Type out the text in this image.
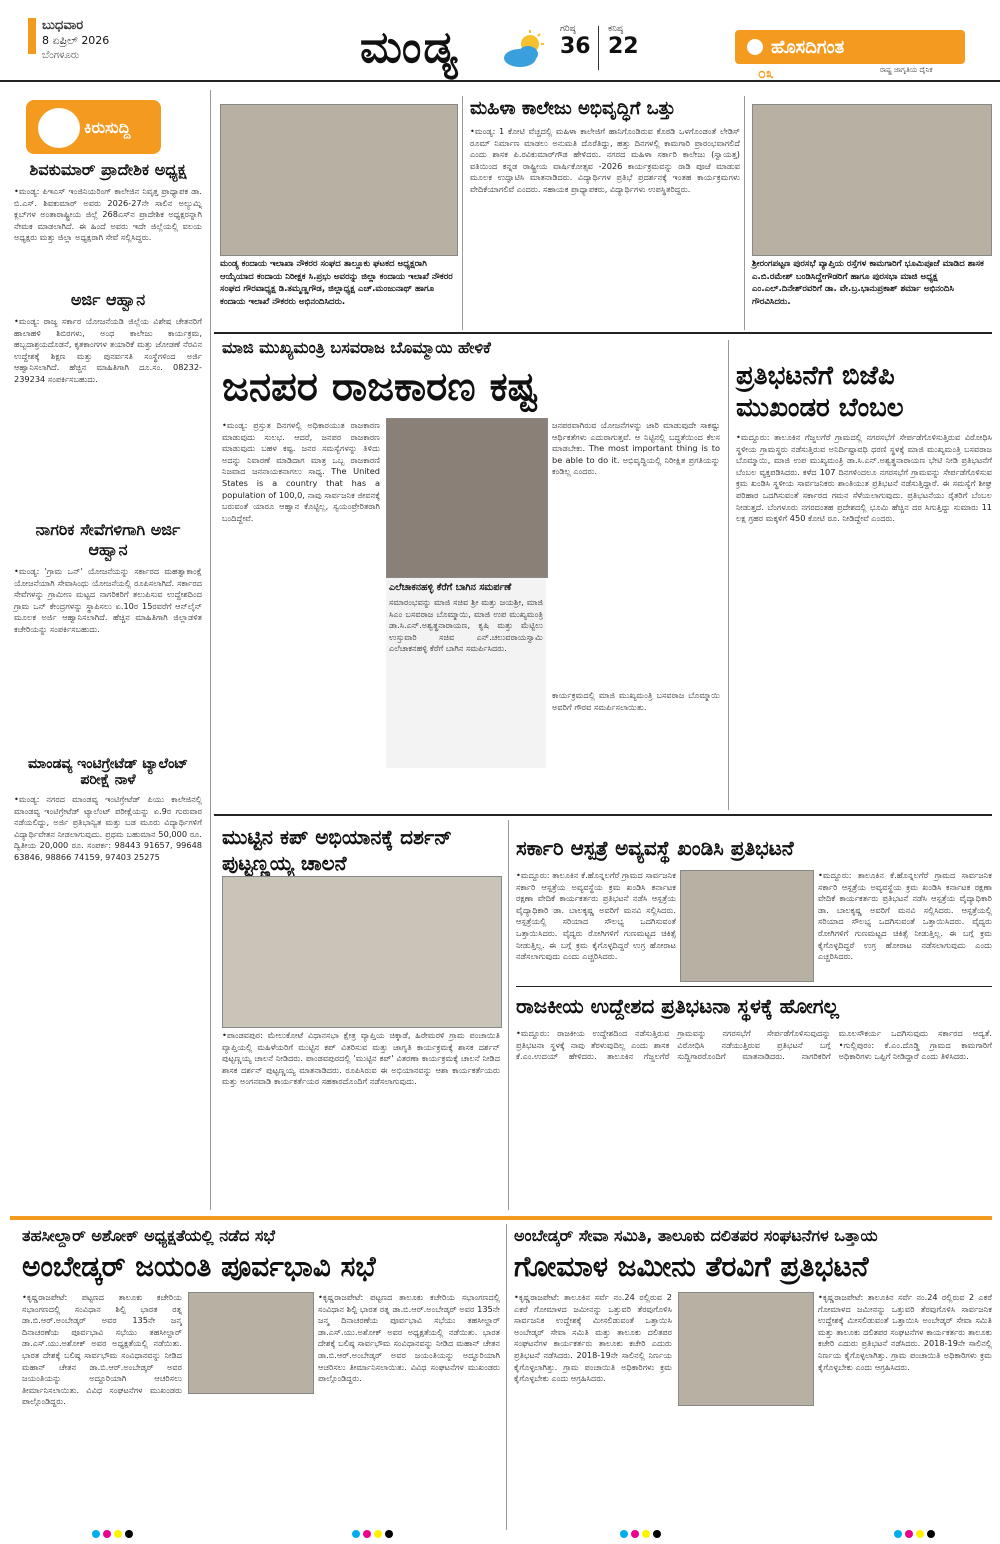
ಬುಧವಾರ
8 ಏಪ್ರಿಲ್ 2026
ಬೆಂಗಳೂರು	ಮಂಡ್ಯ	ಗರಿಷ್ಠ
36
ಕನಿಷ್ಠ
22	ಹೊಸದಿಗಂತ
೦೩	ರಾಷ್ಟ್ರ ಜಾಗೃತಿಯ ದೈನಿಕ
ಕಿರುಸುದ್ದಿ
ಶಿವಕುಮಾರ್ ಪ್ರಾದೇಶಿಕ ಅಧ್ಯಕ್ಷ
•ಮಂಡ್ಯ: ಪಿಇಎಸ್ ಇಂಜಿನಿಯರಿಂಗ್ ಕಾಲೇಜಿನ ನಿವೃತ್ತ ಪ್ರಾಧ್ಯಾಪಕ ಡಾ. ಬಿ.ಎಸ್. ಶಿವಕುಮಾರ್ ಅವರು 2026-27ನೇ ಸಾಲಿನ ಅಲ್ಯುಮ್ನಿ ಕ್ಲಬ್‌ಗಳ ಅಂತಾರಾಷ್ಟ್ರೀಯ ಜಿಲ್ಲೆ 268ಎಸ್‌ನ ಪ್ರಾದೇಶಿಕ ಅಧ್ಯಕ್ಷರನ್ನಾಗಿ ನೇಮಕ ಮಾಡಲಾಗಿದೆ. ಈ ಹಿಂದೆ ಅವರು ಇದೇ ಜಿಲ್ಲೆಯಲ್ಲಿ ವಲಯ ಅಧ್ಯಕ್ಷರು ಮತ್ತು ಜಿಲ್ಲಾ ಅಧ್ಯಕ್ಷರಾಗಿ ಸೇವೆ ಸಲ್ಲಿಸಿದ್ದರು.
ಅರ್ಜಿ ಆಹ್ವಾನ
•ಮಂಡ್ಯ: ರಾಜ್ಯ ಸರ್ಕಾರ ಯೋಜನೆಯಡಿ ಜಿಲ್ಲೆಯ ವಿಶೇಷ ಚೇತನರಿಗೆ ಹಾಲಾಹಳಿ ಶಿಬಿರಗಳು, ಅಂಧ ಕಾಲೇಜು ಕಾರ್ಯಕ್ರಮ, ಹಬ್ಬದಾಶ್ರಯದೊಡನೆ, ಕೃತಕಾಂಗಗಳ ತಯಾರಿಕೆ ಮತ್ತು ಜೋಡಣೆ ನೆರವಿನ ಉದ್ದೇಶಕ್ಕೆ ಶಿಕ್ಷಣ ಮತ್ತು ಪುನರ್ವಸತಿ ಸಂಸ್ಥೆಗಳಿಂದ ಅರ್ಜಿ ಆಹ್ವಾನಿಸಲಾಗಿದೆ. ಹೆಚ್ಚಿನ ಮಾಹಿತಿಗಾಗಿ ದೂ.ಸಂ. 08232-239234 ಸಂಪರ್ಕಿಸಬಹುದು.
ನಾಗರಿಕ ಸೇವೆಗಳಿಗಾಗಿ ಅರ್ಜಿ ಆಹ್ವಾನ
•ಮಂಡ್ಯ: 'ಗ್ರಾಮ ಒನ್' ಯೋಜನೆಯನ್ನು ಸರ್ಕಾರದ ಮಹತ್ವಾಕಾಂಕ್ಷೆ ಯೋಜನೆಯಾಗಿ ಸೇವಾಸಿಂಧು ಯೋಜನೆಯಲ್ಲಿ ರೂಪಿಸಲಾಗಿದೆ. ಸರ್ಕಾರದ ಸೇವೆಗಳನ್ನು ಗ್ರಾಮೀಣ ಮಟ್ಟದ ನಾಗರಿಕರಿಗೆ ತಲುಪಿಸುವ ಉದ್ದೇಶದಿಂದ ಗ್ರಾಮ ಒನ್ ಕೇಂದ್ರಗಳನ್ನು ಸ್ಥಾಪಿಸಲು ಏ.10ರ 15ರವರೆಗೆ ಆನ್‌ಲೈನ್ ಮೂಲಕ ಅರ್ಜಿ ಆಹ್ವಾನಿಸಲಾಗಿದೆ. ಹೆಚ್ಚಿನ ಮಾಹಿತಿಗಾಗಿ ಜಿಲ್ಲಾಡಳಿತ ಕಚೇರಿಯನ್ನು ಸಂಪರ್ಕಿಸಬಹುದು.
ಮಾಂಡವ್ಯ ಇಂಟಿಗ್ರೇಟೆಡ್ ಟ್ಯಾಲೆಂಟ್ ಪರೀಕ್ಷೆ ನಾಳೆ
•ಮಂಡ್ಯ: ನಗರದ ಮಾಂಡವ್ಯ ಇಂಟಿಗ್ರೇಟೆಡ್ ಪಿಯು ಕಾಲೇಜಿನಲ್ಲಿ ಮಾಂಡವ್ಯ ಇಂಟಿಗ್ರೇಟೆಡ್ ಟ್ಯಾಲೆಂಟ್ ಪರೀಕ್ಷೆಯನ್ನು ಏ.9ರ ಗುರುವಾರ ನಡೆಯಲಿದ್ದು, ಅರ್ಜಿ ಪ್ರತಿಭಾನ್ವಿತ ಮತ್ತು ಬಡ ಮೂರು ವಿದ್ಯಾರ್ಥಿಗಳಿಗೆ ವಿದ್ಯಾರ್ಥಿವೇತನ ನೀಡಲಾಗುವುದು. ಪ್ರಥಮ ಬಹುಮಾನ 50,000 ರೂ. ದ್ವಿತೀಯ 20,000 ರೂ. ಸಂಪರ್ಕ: 98443 91657, 99648 63846, 98866 74159, 97403 25275
ಮಂಡ್ಯ ಕಂದಾಯ ಇಲಾಖಾ ನೌಕರರ ಸಂಘದ ತಾಲ್ಲೂಕು ಘಟಕದ ಅಧ್ಯಕ್ಷರಾಗಿ ಆಯ್ಕೆಯಾದ ಕಂದಾಯ ನಿರೀಕ್ಷಕ ಸಿ.ಪ್ರಭು ಅವರನ್ನು ಜಿಲ್ಲಾ ಕಂದಾಯ ಇಲಾಖೆ ನೌಕರರ ಸಂಘದ ಗೌರವಾಧ್ಯಕ್ಷ ಡಿ.ತಮ್ಮಣ್ಣಗೌಡ, ಜಿಲ್ಲಾಧ್ಯಕ್ಷ ಎಚ್.ಮಂಜುನಾಥ್ ಹಾಗೂ ಕಂದಾಯ ಇಲಾಖೆ ನೌಕರರು ಅಭಿನಂದಿಸಿದರು.
ಮಹಿಳಾ ಕಾಲೇಜು ಅಭಿವೃದ್ಧಿಗೆ ಒತ್ತು
•ಮಂಡ್ಯ: 1 ಕೋಟಿ ವೆಚ್ಚದಲ್ಲಿ ಮಹಿಳಾ ಕಾಲೇಜಿಗೆ ಹಾನಿಗೊಂಡಿರುವ ಕೊಠಡಿ ಒಳಗೊಂಡಂತೆ ಲೇಡಿಸ್ ರೂಮ್ ನಿರ್ಮಾಣ ಮಾಡಲು ಅನುಮತಿ ದೊರೆತಿದ್ದು, ಹತ್ತು ದಿನಗಳಲ್ಲಿ ಕಾಮಗಾರಿ ಪ್ರಾರಂಭವಾಗಲಿದೆ ಎಂದು ಶಾಸಕ ಪಿ.ರವಿಕುಮಾರ್‌ಗೌಡ ಹೇಳಿದರು. ನಗರದ ಮಹಿಳಾ ಸರ್ಕಾರಿ ಕಾಲೇಜು (ಸ್ವಾಯತ್ತ) ವತಿಯಿಂದ ಕನ್ನಡ ರಾಷ್ಟ್ರೀಯ ವಾರ್ಷಿಕೋತ್ಸವ -2026 ಕಾರ್ಯಕ್ರಮವನ್ನು ರಾಡಿ ಪೂಜೆ ಮಾಡುವ ಮೂಲಕ ಉದ್ಘಾಟಿಸಿ ಮಾತನಾಡಿದರು. ವಿದ್ಯಾರ್ಥಿಗಳ ಪ್ರತಿಭೆ ಪ್ರದರ್ಶನಕ್ಕೆ ಇಂತಹ ಕಾರ್ಯಕ್ರಮಗಳು ವೇದಿಕೆಯಾಗಲಿವೆ ಎಂದರು. ಸಹಾಯಕ ಪ್ರಾಧ್ಯಾಪಕರು, ವಿದ್ಯಾರ್ಥಿಗಳು ಉಪಸ್ಥಿತರಿದ್ದರು.
ಶ್ರೀರಂಗಪಟ್ಟಣ ಪುರಸಭೆ ವ್ಯಾಪ್ತಿಯ ರಸ್ತೆಗಳ ಕಾಮಗಾರಿಗೆ ಭೂಮಿಪೂಜೆ ಮಾಡಿದ ಶಾಸಕ ಎ.ಬಿ.ರಮೇಶ್ ಬಂಡಿಸಿದ್ದೇಗೌಡರಿಗೆ ಹಾಗೂ ಪುರಸಭಾ ಮಾಜಿ ಅಧ್ಯಕ್ಷ ಎಂ.ಎಲ್.ದಿನೇಶ್‌ರವರಿಗೆ ಡಾ. ವೇ.ಬ್ರ.ಭಾನುಪ್ರಕಾಶ್ ಶರ್ಮಾ ಅಭಿನಂದಿಸಿ ಗೌರವಿಸಿದರು.
ಮಾಜಿ ಮುಖ್ಯಮಂತ್ರಿ ಬಸವರಾಜ ಬೊಮ್ಮಾಯಿ ಹೇಳಿಕೆ
ಜನಪರ ರಾಜಕಾರಣ ಕಷ್ಟ
•ಮಂಡ್ಯ: ಪ್ರಸ್ತುತ ದಿನಗಳಲ್ಲಿ ಅಧಿಕಾರಯುತ ರಾಜಕಾರಣ ಮಾಡುವುದು ಸುಲಭ. ಆದರೆ, ಜನಪರ ರಾಜಕಾರಣ ಮಾಡುವುದು ಬಹಳ ಕಷ್ಟ. ಜನರ ಸಮಸ್ಯೆಗಳನ್ನು ತಿಳಿದು ಅದನ್ನು ನಿವಾರಣೆ ಮಾಡಿದಾಗ ಮಾತ್ರ ಒಬ್ಬ ರಾಜಕಾರಣಿ ನಿಜವಾದ ಜನನಾಯಕನಾಗಲು ಸಾಧ್ಯ. The United States is a country that has a population of 100,0, ನಾವು ಸಾರ್ವಜನಿಕ ಜೀವನಕ್ಕೆ ಬರುವಂತೆ ಯಾರೂ ಆಹ್ವಾನ ಕೊಟ್ಟಿಲ್ಲ, ಸ್ವಯಂಪ್ರೇರಿತರಾಗಿ ಬಂದಿದ್ದೇವೆ.
ಎಲೆಚಾಕನಹಳ್ಳಿ ಕೆರೆಗೆ ಬಾಗಿನ ಸಮರ್ಪಣೆ
ಸಮಾರಂಭವನ್ನು ಮಾಜಿ ಸಚಿವ ಶ್ರೀ ಮತ್ತು ಜಯಶ್ರೀ, ಮಾಜಿ ಸಿಎಂ ಬಸವರಾಜ ಬೊಮ್ಮಾಯಿ, ಮಾಜಿ ಉಪ ಮುಖ್ಯಮಂತ್ರಿ ಡಾ.ಸಿ.ಎನ್.ಅಶ್ವತ್ಥನಾರಾಯಣ, ಕೃಷಿ ಮತ್ತು ಮೆಟ್ಟಿಲು ಉಸ್ತುವಾರಿ ಸಚಿವ ಎನ್.ಚಲುವರಾಯಸ್ವಾಮಿ ಎಲೆಚಾಕನಹಳ್ಳಿ ಕೆರೆಗೆ ಬಾಗಿನ ಸಮರ್ಪಿಸಿದರು.
ಜನಪರವಾಗಿರುವ ಯೋಜನೆಗಳನ್ನು ಜಾರಿ ಮಾಡುವುದೇ ಸಾಕಷ್ಟು ಆರ್ಥಿಕತೆಗಳು ಎದುರಾಗುತ್ತವೆ. ಆ ನಿಟ್ಟಿನಲ್ಲಿ ಬದ್ಧತೆಯಿಂದ ಕೆಲಸ ಮಾಡಬೇಕು. The most important thing is to be able to do it. ಅಭಿವೃದ್ಧಿಯಲ್ಲಿ ನಿರೀಕ್ಷಿತ ಪ್ರಗತಿಯನ್ನು ಕಂಡಿಲ್ಲ ಎಂದರು.
ಕಾರ್ಯಕ್ರಮದಲ್ಲಿ ಮಾಜಿ ಮುಖ್ಯಮಂತ್ರಿ ಬಸವರಾಜ ಬೊಮ್ಮಾಯಿ ಅವರಿಗೆ ಗೌರವ ಸಮರ್ಪಿಸಲಾಯಿತು.
ಪ್ರತಿಭಟನೆಗೆ ಬಿಜೆಪಿ ಮುಖಂಡರ ಬೆಂಬಲ
•ಮದ್ದೂರು: ತಾಲೂಕಿನ ಗೆಜ್ಜಲಗೆರೆ ಗ್ರಾಮದಲ್ಲಿ ನಗರಸಭೆಗೆ ಸೇರ್ಪಡೆಗೊಳಿಸುತ್ತಿರುವ ವಿರೋಧಿಸಿ ಸ್ಥಳೀಯ ಗ್ರಾಮಸ್ಥರು ನಡೆಸುತ್ತಿರುವ ಅನಿರ್ದಿಷ್ಟಾವಧಿ ಧರಣಿ ಸ್ಥಳಕ್ಕೆ ಮಾಜಿ ಮುಖ್ಯಮಂತ್ರಿ ಬಸವರಾಜ ಬೊಮ್ಮಾಯಿ, ಮಾಜಿ ಉಪ ಮುಖ್ಯಮಂತ್ರಿ ಡಾ.ಸಿ.ಎನ್.ಅಶ್ವತ್ಥನಾರಾಯಣ ಭೇಟಿ ನೀಡಿ ಪ್ರತಿಭಟನೆಗೆ ಬೆಂಬಲ ವ್ಯಕ್ತಪಡಿಸಿದರು. ಕಳೆದ 107 ದಿನಗಳಿಂದಲೂ ನಗರಸಭೆಗೆ ಗ್ರಾಮವನ್ನು ಸೇರ್ಪಡೆಗೊಳಿಸುವ ಕ್ರಮ ಖಂಡಿಸಿ ಸ್ಥಳೀಯ ಸಾರ್ವಜನಿಕರು ಶಾಂತಿಯುತ ಪ್ರತಿಭಟನೆ ನಡೆಸುತ್ತಿದ್ದಾರೆ. ಈ ಸಮಸ್ಯೆಗೆ ಶೀಘ್ರ ಪರಿಹಾರ ಒದಗಿಸುವಂತೆ ಸರ್ಕಾರದ ಗಮನ ಸೆಳೆಯಲಾಗುವುದು. ಪ್ರತಿಭಟನೆಯು ರೈತರಿಗೆ ಬೆಂಬಲ ನೀಡುತ್ತದೆ. ಬೆಂಗಳೂರು ನಗರದಂತಹ ಪ್ರದೇಶದಲ್ಲಿ ಭೂಮಿ ಹೆಚ್ಚಿನ ದರ ಸಿಗುತ್ತಿದ್ದು ಸುಮಾರು 11 ಲಕ್ಷ ಗ್ರಹರ ಮಕ್ಕಳಿಗೆ 450 ಕೋಟಿ ರೂ. ನೀಡಿದ್ದೇವೆ ಎಂದರು.
ಮುಟ್ಟಿನ ಕಪ್ ಅಭಿಯಾನಕ್ಕೆ ದರ್ಶನ್ ಪುಟ್ಟಣ್ಣಯ್ಯ ಚಾಲನೆ
•ಪಾಂಡವಪುರ: ಮೇಲುಕೋಟೆ ವಿಧಾನಸಭಾ ಕ್ಷೇತ್ರ ವ್ಯಾಪ್ತಿಯ ಚಿಕ್ಕಾಡೆ, ಹಿರೇಮರಳಿ ಗ್ರಾಮ ಪಂಚಾಯಿತಿ ವ್ಯಾಪ್ತಿಯಲ್ಲಿ ಮಹಿಳೆಯರಿಗೆ ಮುಟ್ಟಿನ ಕಪ್ ವಿತರಿಸುವ ಮತ್ತು ಜಾಗೃತಿ ಕಾರ್ಯಕ್ರಮಕ್ಕೆ ಶಾಸಕ ದರ್ಶನ್ ಪುಟ್ಟಣ್ಣಯ್ಯ ಚಾಲನೆ ನೀಡಿದರು. ಪಾಂಡವಪುರದಲ್ಲಿ 'ಮುಟ್ಟಿನ ಕಪ್' ವಿತರಣಾ ಕಾರ್ಯಕ್ರಮಕ್ಕೆ ಚಾಲನೆ ನೀಡಿದ ಶಾಸಕ ದರ್ಶನ್ ಪುಟ್ಟಣ್ಣಯ್ಯ ಮಾತನಾಡಿದರು. ರೂಪಿಸಿರುವ ಈ ಅಭಿಯಾನವನ್ನು ಆಶಾ ಕಾರ್ಯಕರ್ತೆಯರು ಮತ್ತು ಅಂಗನವಾಡಿ ಕಾರ್ಯಕರ್ತೆಯರ ಸಹಕಾರದೊಂದಿಗೆ ನಡೆಸಲಾಗುವುದು.
ಸರ್ಕಾರಿ ಆಸ್ಪತ್ರೆ ಅವ್ಯವಸ್ಥೆ ಖಂಡಿಸಿ ಪ್ರತಿಭಟನೆ
•ಮದ್ದೂರು: ತಾಲೂಕಿನ ಕೆ.ಹೊನ್ನಲಗೆರೆ ಗ್ರಾಮದ ಸಾರ್ವಜನಿಕ ಸರ್ಕಾರಿ ಆಸ್ಪತ್ರೆಯ ಅವ್ಯವಸ್ಥೆಯ ಕ್ರಮ ಖಂಡಿಸಿ ಕರ್ನಾಟಕ ರಕ್ಷಣಾ ವೇದಿಕೆ ಕಾರ್ಯಕರ್ತರು ಪ್ರತಿಭಟನೆ ನಡೆಸಿ ಆಸ್ಪತ್ರೆಯ ವೈದ್ಯಾಧಿಕಾರಿ ಡಾ. ಬಾಲಕೃಷ್ಣ ಅವರಿಗೆ ಮನವಿ ಸಲ್ಲಿಸಿದರು. ಆಸ್ಪತ್ರೆಯಲ್ಲಿ ಸರಿಯಾದ ಸೌಲಭ್ಯ ಒದಗಿಸುವಂತೆ ಒತ್ತಾಯಿಸಿದರು. ವೈದ್ಯರು ರೋಗಿಗಳಿಗೆ ಗುಣಮಟ್ಟದ ಚಿಕಿತ್ಸೆ ನೀಡುತ್ತಿಲ್ಲ. ಈ ಬಗ್ಗೆ ಕ್ರಮ ಕೈಗೊಳ್ಳದಿದ್ದರೆ ಉಗ್ರ ಹೋರಾಟ ನಡೆಸಲಾಗುವುದು ಎಂದು ಎಚ್ಚರಿಸಿದರು.
•ಮದ್ದೂರು: ತಾಲೂಕಿನ ಕೆ.ಹೊನ್ನಲಗೆರೆ ಗ್ರಾಮದ ಸಾರ್ವಜನಿಕ ಸರ್ಕಾರಿ ಆಸ್ಪತ್ರೆಯ ಅವ್ಯವಸ್ಥೆಯ ಕ್ರಮ ಖಂಡಿಸಿ ಕರ್ನಾಟಕ ರಕ್ಷಣಾ ವೇದಿಕೆ ಕಾರ್ಯಕರ್ತರು ಪ್ರತಿಭಟನೆ ನಡೆಸಿ ಆಸ್ಪತ್ರೆಯ ವೈದ್ಯಾಧಿಕಾರಿ ಡಾ. ಬಾಲಕೃಷ್ಣ ಅವರಿಗೆ ಮನವಿ ಸಲ್ಲಿಸಿದರು. ಆಸ್ಪತ್ರೆಯಲ್ಲಿ ಸರಿಯಾದ ಸೌಲಭ್ಯ ಒದಗಿಸುವಂತೆ ಒತ್ತಾಯಿಸಿದರು. ವೈದ್ಯರು ರೋಗಿಗಳಿಗೆ ಗುಣಮಟ್ಟದ ಚಿಕಿತ್ಸೆ ನೀಡುತ್ತಿಲ್ಲ. ಈ ಬಗ್ಗೆ ಕ್ರಮ ಕೈಗೊಳ್ಳದಿದ್ದರೆ ಉಗ್ರ ಹೋರಾಟ ನಡೆಸಲಾಗುವುದು ಎಂದು ಎಚ್ಚರಿಸಿದರು.
ರಾಜಕೀಯ ಉದ್ದೇಶದ ಪ್ರತಿಭಟನಾ ಸ್ಥಳಕ್ಕೆ ಹೋಗಲ್ಲ
•ಮದ್ದೂರು: ರಾಜಕೀಯ ಉದ್ದೇಶದಿಂದ ನಡೆಸುತ್ತಿರುವ ಪ್ರತಿಭಟನಾ ಸ್ಥಳಕ್ಕೆ ನಾವು ತೆರಳುವುದಿಲ್ಲ ಎಂದು ಶಾಸಕ ಕೆ.ಎಂ.ಉದಯ್ ಹೇಳಿದರು. ತಾಲೂಕಿನ ಗೆಜ್ಜಲಗೆರೆ ಗ್ರಾಮವನ್ನು ನಗರಸಭೆಗೆ ಸೇರ್ಪಡೆಗೊಳಿಸುವುದನ್ನು ವಿರೋಧಿಸಿ ನಡೆಯುತ್ತಿರುವ ಪ್ರತಿಭಟನೆ ಬಗ್ಗೆ ಸುದ್ದಿಗಾರರೊಂದಿಗೆ ಮಾತನಾಡಿದರು. ನಾಗರಿಕರಿಗೆ ಮೂಲಸೌಕರ್ಯ ಒದಗಿಸುವುದು ಸರ್ಕಾರದ ಆದ್ಯತೆ. •ಗುಲ್ಲಿಪುರಂ: ಕೆ.ಎಂ.ದೊಡ್ಡಿ ಗ್ರಾಮದ ಕಾಮಗಾರಿಗೆ ಅಧಿಕಾರಿಗಳು ಒಪ್ಪಿಗೆ ನೀಡಿದ್ದಾರೆ ಎಂದು ತಿಳಿಸಿದರು.
ತಹಸೀಲ್ದಾರ್ ಅಶೋಕ್ ಅಧ್ಯಕ್ಷತೆಯಲ್ಲಿ ನಡೆದ ಸಭೆ
ಅಂಬೇಡ್ಕರ್ ಜಯಂತಿ ಪೂರ್ವಭಾವಿ ಸಭೆ
•ಕೃಷ್ಣರಾಜಪೇಟೆ: ಪಟ್ಟಣದ ತಾಲೂಕು ಕಚೇರಿಯ ಸಭಾಂಗಣದಲ್ಲಿ ಸಂವಿಧಾನ ಶಿಲ್ಪಿ ಭಾರತ ರತ್ನ ಡಾ.ಬಿ.ಆರ್.ಅಂಬೇಡ್ಕರ್ ಅವರ 135ನೇ ಜನ್ಮ ದಿನಾಚರಣೆಯ ಪೂರ್ವಭಾವಿ ಸಭೆಯು ತಹಸೀಲ್ದಾರ್ ಡಾ.ಎಸ್.ಯು.ಅಶೋಕ್ ಅವರ ಅಧ್ಯಕ್ಷತೆಯಲ್ಲಿ ನಡೆಯಿತು. ಭಾರತ ದೇಶಕ್ಕೆ ಬಲಿಷ್ಠ ಸಾರ್ವಭೌಮ ಸಂವಿಧಾನವನ್ನು ನೀಡಿದ ಮಹಾನ್ ಚೇತನ ಡಾ.ಬಿ.ಆರ್.ಅಂಬೇಡ್ಕರ್ ಅವರ ಜಯಂತಿಯನ್ನು ಅದ್ದೂರಿಯಾಗಿ ಆಚರಿಸಲು ತೀರ್ಮಾನಿಸಲಾಯಿತು. ವಿವಿಧ ಸಂಘಟನೆಗಳ ಮುಖಂಡರು ಪಾಲ್ಗೊಂಡಿದ್ದರು.
•ಕೃಷ್ಣರಾಜಪೇಟೆ: ಪಟ್ಟಣದ ತಾಲೂಕು ಕಚೇರಿಯ ಸಭಾಂಗಣದಲ್ಲಿ ಸಂವಿಧಾನ ಶಿಲ್ಪಿ ಭಾರತ ರತ್ನ ಡಾ.ಬಿ.ಆರ್.ಅಂಬೇಡ್ಕರ್ ಅವರ 135ನೇ ಜನ್ಮ ದಿನಾಚರಣೆಯ ಪೂರ್ವಭಾವಿ ಸಭೆಯು ತಹಸೀಲ್ದಾರ್ ಡಾ.ಎಸ್.ಯು.ಅಶೋಕ್ ಅವರ ಅಧ್ಯಕ್ಷತೆಯಲ್ಲಿ ನಡೆಯಿತು. ಭಾರತ ದೇಶಕ್ಕೆ ಬಲಿಷ್ಠ ಸಾರ್ವಭೌಮ ಸಂವಿಧಾನವನ್ನು ನೀಡಿದ ಮಹಾನ್ ಚೇತನ ಡಾ.ಬಿ.ಆರ್.ಅಂಬೇಡ್ಕರ್ ಅವರ ಜಯಂತಿಯನ್ನು ಅದ್ದೂರಿಯಾಗಿ ಆಚರಿಸಲು ತೀರ್ಮಾನಿಸಲಾಯಿತು. ವಿವಿಧ ಸಂಘಟನೆಗಳ ಮುಖಂಡರು ಪಾಲ್ಗೊಂಡಿದ್ದರು.
ಅಂಬೇಡ್ಕರ್ ಸೇವಾ ಸಮಿತಿ, ತಾಲೂಕು ದಲಿತಪರ ಸಂಘಟನೆಗಳ ಒತ್ತಾಯ
ಗೋಮಾಳ ಜಮೀನು ತೆರವಿಗೆ ಪ್ರತಿಭಟನೆ
•ಕೃಷ್ಣರಾಜಪೇಟೆ: ತಾಲೂಕಿನ ಸರ್ವೆ ನಂ.24 ರಲ್ಲಿರುವ 2 ಎಕರೆ ಗೋಮಾಳದ ಜಮೀನನ್ನು ಒತ್ತುವರಿ ತೆರವುಗೊಳಿಸಿ ಸಾರ್ವಜನಿಕ ಉದ್ದೇಶಕ್ಕೆ ಮೀಸಲಿಡುವಂತೆ ಒತ್ತಾಯಿಸಿ ಅಂಬೇಡ್ಕರ್ ಸೇವಾ ಸಮಿತಿ ಮತ್ತು ತಾಲೂಕು ದಲಿತಪರ ಸಂಘಟನೆಗಳ ಕಾರ್ಯಕರ್ತರು ತಾಲೂಕು ಕಚೇರಿ ಎದುರು ಪ್ರತಿಭಟನೆ ನಡೆಸಿದರು. 2018-19ನೇ ಸಾಲಿನಲ್ಲಿ ನಿರ್ಣಯ ಕೈಗೊಳ್ಳಲಾಗಿತ್ತು. ಗ್ರಾಮ ಪಂಚಾಯಿತಿ ಅಧಿಕಾರಿಗಳು ಕ್ರಮ ಕೈಗೊಳ್ಳಬೇಕು ಎಂದು ಆಗ್ರಹಿಸಿದರು.
•ಕೃಷ್ಣರಾಜಪೇಟೆ: ತಾಲೂಕಿನ ಸರ್ವೆ ನಂ.24 ರಲ್ಲಿರುವ 2 ಎಕರೆ ಗೋಮಾಳದ ಜಮೀನನ್ನು ಒತ್ತುವರಿ ತೆರವುಗೊಳಿಸಿ ಸಾರ್ವಜನಿಕ ಉದ್ದೇಶಕ್ಕೆ ಮೀಸಲಿಡುವಂತೆ ಒತ್ತಾಯಿಸಿ ಅಂಬೇಡ್ಕರ್ ಸೇವಾ ಸಮಿತಿ ಮತ್ತು ತಾಲೂಕು ದಲಿತಪರ ಸಂಘಟನೆಗಳ ಕಾರ್ಯಕರ್ತರು ತಾಲೂಕು ಕಚೇರಿ ಎದುರು ಪ್ರತಿಭಟನೆ ನಡೆಸಿದರು. 2018-19ನೇ ಸಾಲಿನಲ್ಲಿ ನಿರ್ಣಯ ಕೈಗೊಳ್ಳಲಾಗಿತ್ತು. ಗ್ರಾಮ ಪಂಚಾಯಿತಿ ಅಧಿಕಾರಿಗಳು ಕ್ರಮ ಕೈಗೊಳ್ಳಬೇಕು ಎಂದು ಆಗ್ರಹಿಸಿದರು.
